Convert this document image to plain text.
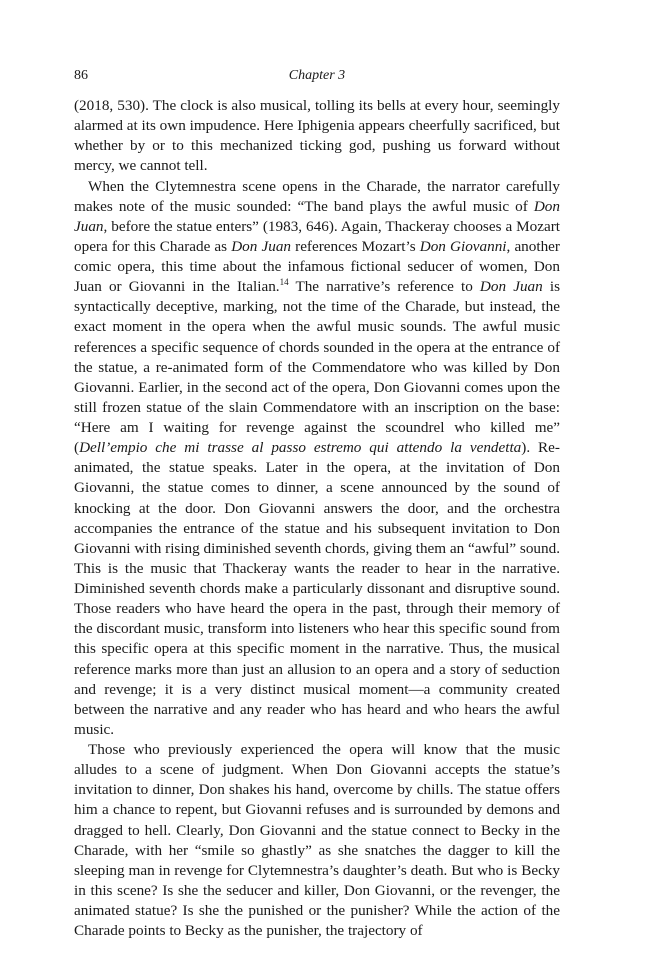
86	Chapter 3

(2018, 530). The clock is also musical, tolling its bells at every hour, seemingly alarmed at its own impudence. Here Iphigenia appears cheerfully sacrificed, but whether by or to this mechanized ticking god, pushing us forward without mercy, we cannot tell.

When the Clytemnestra scene opens in the Charade, the narrator carefully makes note of the music sounded: “The band plays the awful music of Don Juan, before the statue enters” (1983, 646). Again, Thackeray chooses a Mozart opera for this Charade as Don Juan references Mozart’s Don Giovanni, another comic opera, this time about the infamous fictional seducer of women, Don Juan or Giovanni in the Italian.$^{14}$ The narrative’s reference to Don Juan is syntactically deceptive, marking, not the time of the Charade, but instead, the exact moment in the opera when the awful music sounds. The awful music references a specific sequence of chords sounded in the opera at the entrance of the statue, a re-animated form of the Commendatore who was killed by Don Giovanni. Earlier, in the second act of the opera, Don Giovanni comes upon the still frozen statue of the slain Commendatore with an inscription on the base: “Here am I waiting for revenge against the scoundrel who killed me” (Dell’empio che mi trasse al passo estremo qui attendo la vendetta). Re-animated, the statue speaks. Later in the opera, at the invitation of Don Giovanni, the statue comes to dinner, a scene announced by the sound of knocking at the door. Don Giovanni answers the door, and the orchestra accompanies the entrance of the statue and his subsequent invitation to Don Giovanni with rising diminished seventh chords, giving them an “awful” sound. This is the music that Thackeray wants the reader to hear in the narrative. Diminished seventh chords make a particularly dissonant and disruptive sound. Those readers who have heard the opera in the past, through their memory of the discordant music, transform into listeners who hear this specific sound from this specific opera at this specific moment in the narrative. Thus, the musical reference marks more than just an allusion to an opera and a story of seduction and revenge; it is a very distinct musical moment—a community created between the narrative and any reader who has heard and who hears the awful music.

Those who previously experienced the opera will know that the music alludes to a scene of judgment. When Don Giovanni accepts the statue’s invitation to dinner, Don shakes his hand, overcome by chills. The statue offers him a chance to repent, but Giovanni refuses and is surrounded by demons and dragged to hell. Clearly, Don Giovanni and the statue connect to Becky in the Charade, with her “smile so ghastly” as she snatches the dagger to kill the sleeping man in revenge for Clytemnestra’s daughter’s death. But who is Becky in this scene? Is she the seducer and killer, Don Giovanni, or the revenger, the animated statue? Is she the punished or the punisher? While the action of the Charade points to Becky as the punisher, the trajectory of
